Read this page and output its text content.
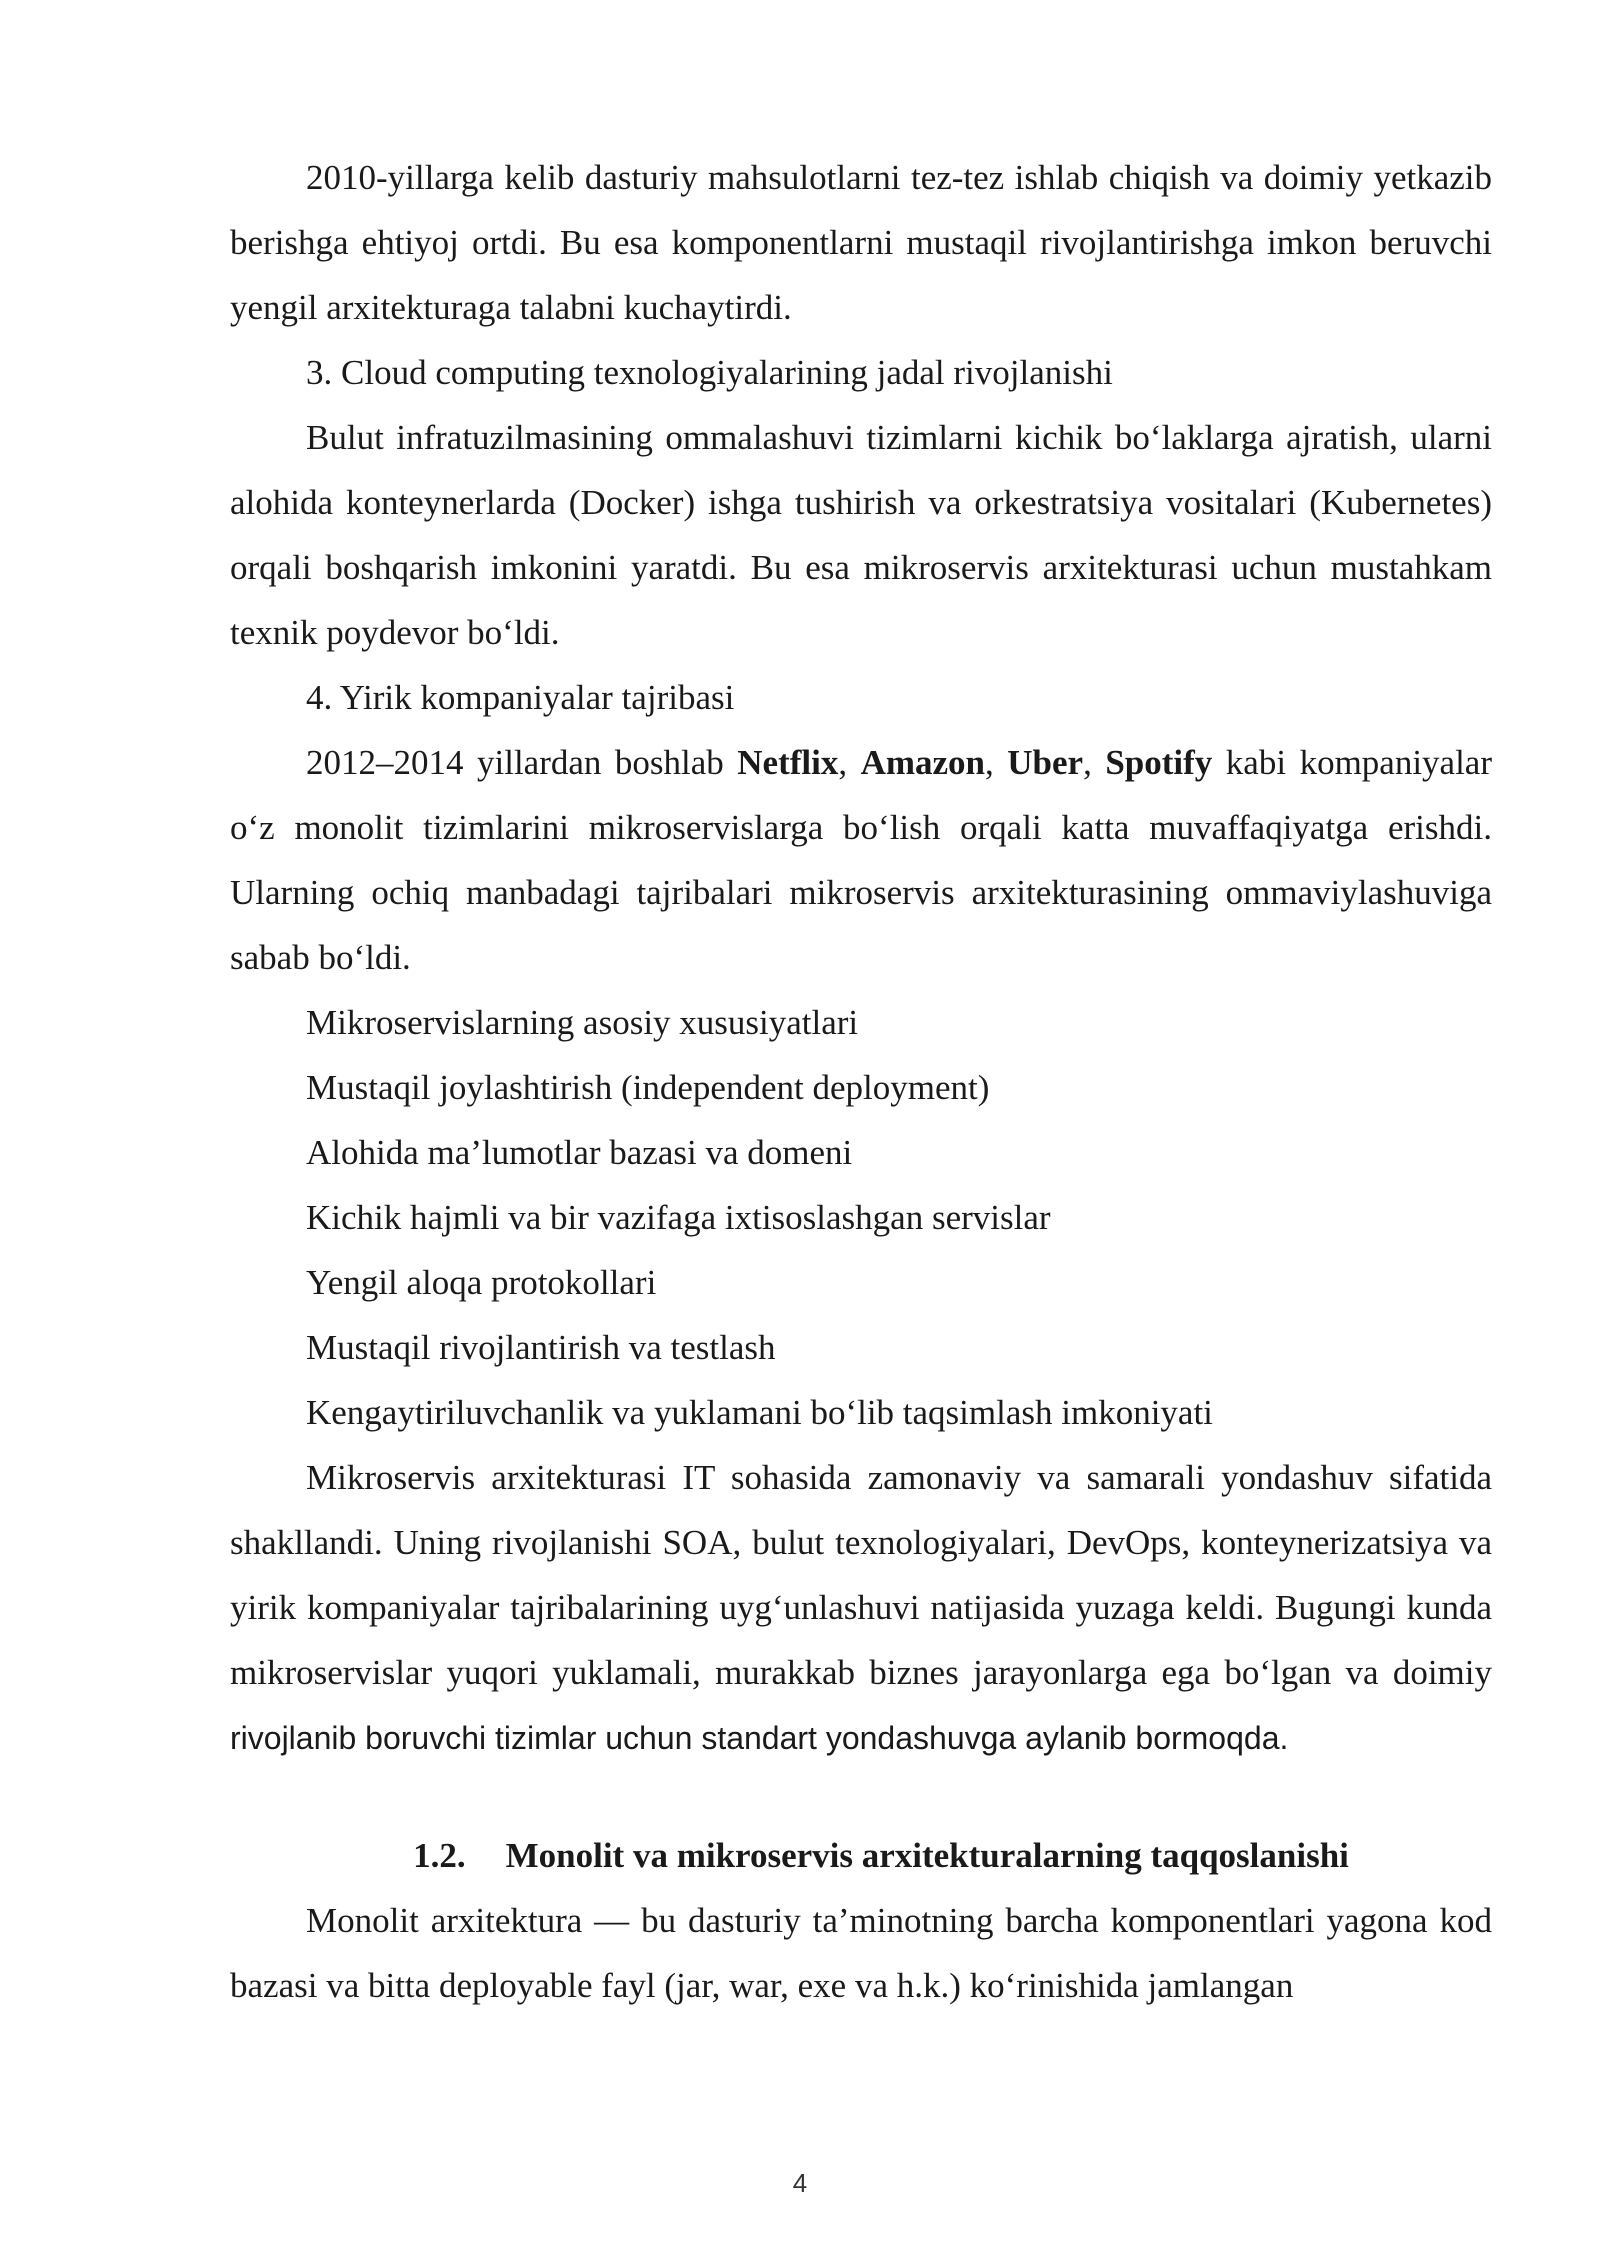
2010-yillarga kelib dasturiy mahsulotlarni tez-tez ishlab chiqish va doimiy yetkazib berishga ehtiyoj ortdi. Bu esa komponentlarni mustaqil rivojlantirishga imkon beruvchi yengil arxitekturaga talabni kuchaytirdi.

3. Cloud computing texnologiyalarining jadal rivojlanishi

Bulut infratuzilmasining ommalashuvi tizimlarni kichik bo‘laklarga ajratish, ularni alohida konteynerlarda (Docker) ishga tushirish va orkestratsiya vositalari (Kubernetes) orqali boshqarish imkonini yaratdi. Bu esa mikroservis arxitekturasi uchun mustahkam texnik poydevor bo‘ldi.

4. Yirik kompaniyalar tajribasi

2012–2014 yillardan boshlab Netflix, Amazon, Uber, Spotify kabi kompaniyalar o‘z monolit tizimlarini mikroservislarga bo‘lish orqali katta muvaffaqiyatga erishdi. Ularning ochiq manbadagi tajribalari mikroservis arxitekturasining ommaviylashuviga sabab bo‘ldi.

Mikroservislarning asosiy xususiyatlari

Mustaqil joylashtirish (independent deployment)

Alohida ma’lumotlar bazasi va domeni

Kichik hajmli va bir vazifaga ixtisoslashgan servislar

Yengil aloqa protokollari

Mustaqil rivojlantirish va testlash

Kengaytiriluvchanlik va yuklamani bo‘lib taqsimlash imkoniyati

Mikroservis arxitekturasi IT sohasida zamonaviy va samarali yondashuv sifatida shakllandi. Uning rivojlanishi SOA, bulut texnologiyalari, DevOps, konteynerizatsiya va yirik kompaniyalar tajribalarining uyg‘unlashuvi natijasida yuzaga keldi. Bugungi kunda mikroservislar yuqori yuklamali, murakkab biznes jarayonlarga ega bo‘lgan va doimiy rivojlanib boruvchi tizimlar uchun standart yondashuvga aylanib bormoqda.

1.2. Monolit va mikroservis arxitekturalarning taqqoslanishi

Monolit arxitektura — bu dasturiy ta’minotning barcha komponentlari yagona kod bazasi va bitta deployable fayl (jar, war, exe va h.k.) ko‘rinishida jamlangan

4
